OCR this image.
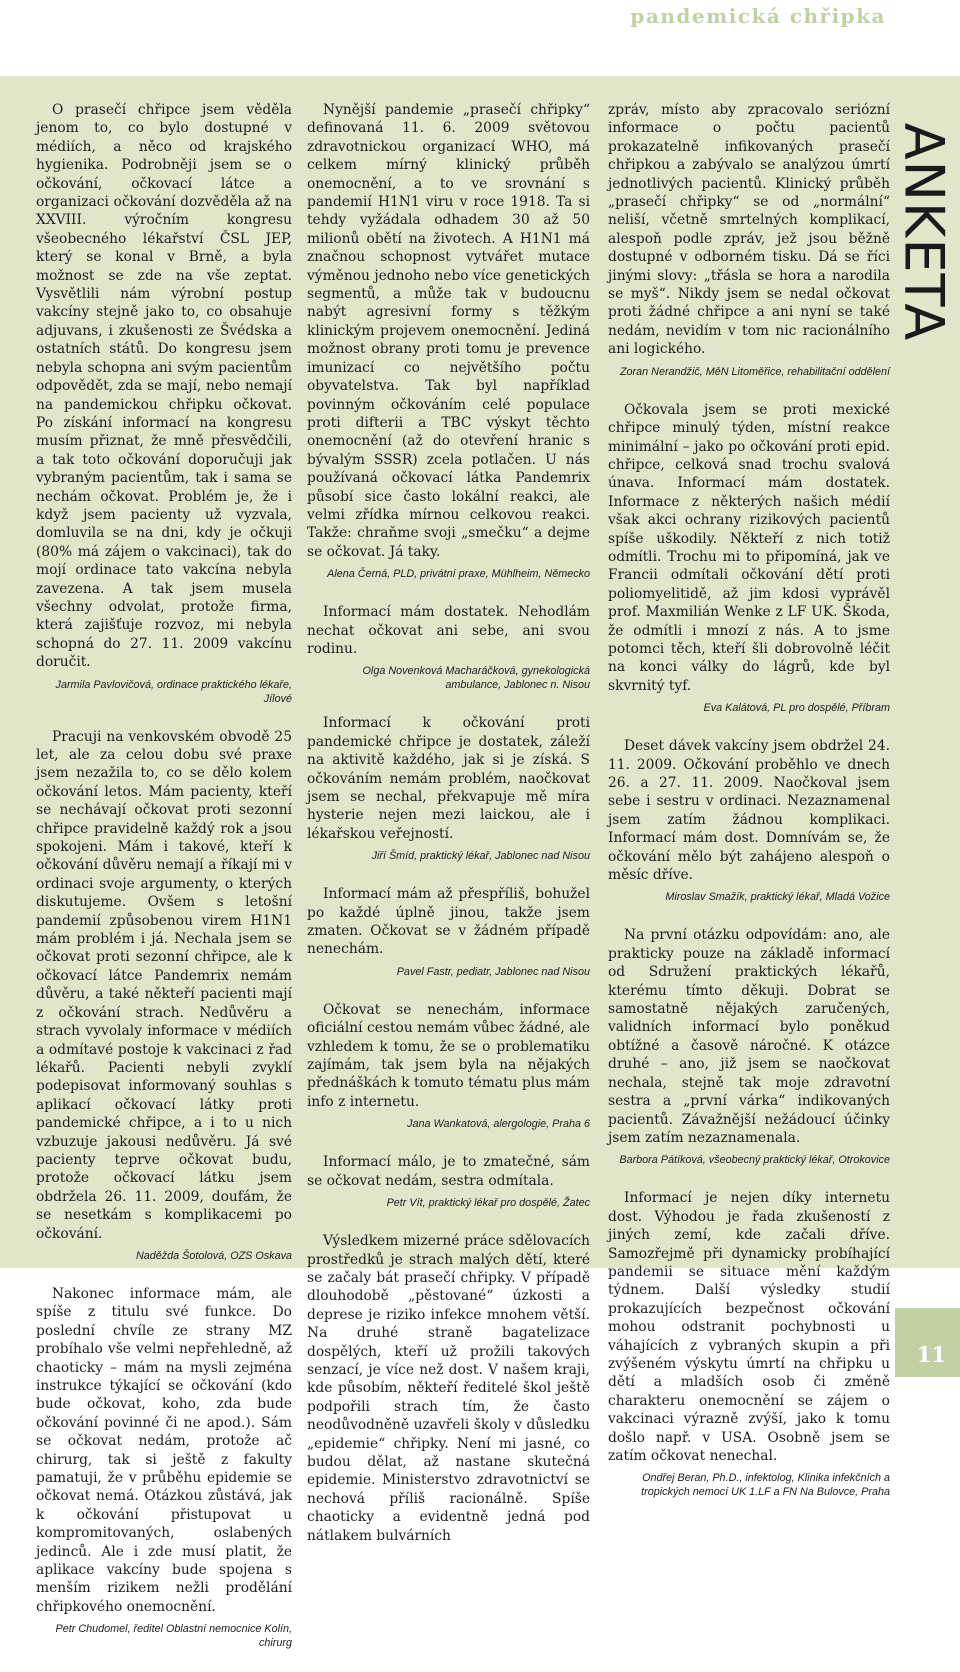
pandemická chřipka

O prasečí chřipce jsem věděla jenom to, co bylo dostupné v médiích, a něco od krajského hygienika. Podrobněji jsem se o očkování, očkovací látce a organizaci očkování dozvěděla až na XXVIII. výročním kongresu všeobecného lékařství ČSL JEP, který se konal v Brně, a byla možnost se zde na vše zeptat. Vysvětlili nám výrobní postup vakcíny stejně jako to, co obsahuje adjuvans, i zkušenosti ze Švédska a ostatních států. Do kongresu jsem nebyla schopna ani svým pacientům odpovědět, zda se mají, nebo nemají na pandemickou chřipku očkovat. Po získání informací na kongresu musím přiznat, že mně přesvědčili, a tak toto očkování doporučuji jak vybraným pacientům, tak i sama se nechám očkovat. Problém je, že i když jsem pacienty už vyzvala, domluvila se na dni, kdy je očkuji (80% má zájem o vakcinaci), tak do mojí ordinace tato vakcína nebyla zavezena. A tak jsem musela všechny odvolat, protože firma, která zajišťuje rozvoz, mi nebyla schopná do 27. 11. 2009 vakcínu doručit.

Jarmila Pavlovičová, ordinace praktického lékaře, Jílové

Pracuji na venkovském obvodě 25 let, ale za celou dobu své praxe jsem nezažila to, co se dělo kolem očkování letos. Mám pacienty, kteří se nechávají očkovat proti sezonní chřipce pravidelně každý rok a jsou spokojeni. Mám i takové, kteří k očkování důvěru nemají a říkají mi v ordinaci svoje argumenty, o kterých diskutujeme. Ovšem s letošní pandemií způsobenou virem H1N1 mám problém i já. Nechala jsem se očkovat proti sezonní chřipce, ale k očkovací látce Pandemrix nemám důvěru, a také někteří pacienti mají z očkování strach. Nedůvěru a strach vyvolaly informace v médiích a odmítavé postoje k vakcinaci z řad lékařů. Pacienti nebyli zvyklí podepisovat informovaný souhlas s aplikací očkovací látky proti pandemické chřipce, a i to u nich vzbuzuje jakousi nedůvěru. Já své pacienty teprve očkovat budu, protože očkovací látku jsem obdržela 26. 11. 2009, doufám, že se nesetkám s komplikacemi po očkování.

Naděžda Šotolová, OZS Oskava

Nakonec informace mám, ale spíše z titulu své funkce. Do poslední chvíle ze strany MZ probíhalo vše velmi nepřehledně, až chaoticky – mám na mysli zejména instrukce týkající se očkování (kdo bude očkovat, koho, zda bude očkování povinné či ne apod.). Sám se očkovat nedám, protože ač chirurg, tak si ještě z fakulty pamatuji, že v průběhu epidemie se očkovat nemá. Otázkou zůstává, jak k očkování přistupovat u kompromitovaných, oslabených jedinců. Ale i zde musí platit, že aplikace vakcíny bude spojena s menším rizikem nežli prodělání chřipkového onemocnění.

Petr Chudomel, ředitel Oblastní nemocnice Kolín, chirurg

Nynější pandemie „prasečí chřipky“ definovaná 11. 6. 2009 světovou zdravotnickou organizací WHO, má celkem mírný klinický průběh onemocnění, a to ve srovnání s pandemií H1N1 viru v roce 1918. Ta si tehdy vyžádala odhadem 30 až 50 milionů obětí na životech. A H1N1 má značnou schopnost vytvářet mutace výměnou jednoho nebo více genetických segmentů, a může tak v budoucnu nabýt agresivní formy s těžkým klinickým projevem onemocnění. Jediná možnost obrany proti tomu je prevence imunizací co největšího počtu obyvatelstva. Tak byl například povinným očkováním celé populace proti difterii a TBC výskyt těchto onemocnění (až do otevření hranic s bývalým SSSR) zcela potlačen. U nás používaná očkovací látka Pandemrix působí sice často lokální reakci, ale velmi zřídka mírnou celkovou reakci. Takže: chraňme svoji „smečku“ a dejme se očkovat. Já taky.

Alena Černá, PLD, privátní praxe, Mühlheim, Německo

Informací mám dostatek. Nehodlám nechat očkovat ani sebe, ani svou rodinu.

Olga Novenková Macharáčková, gynekologická ambulance, Jablonec n. Nisou

Informací k očkování proti pandemické chřipce je dostatek, záleží na aktivitě každého, jak si je získá. S očkováním nemám problém, naočkovat jsem se nechal, překvapuje mě míra hysterie nejen mezi laickou, ale i lékařskou veřejností.

Jiří Šmíd, praktický lékař, Jablonec nad Nisou

Informací mám až přespříliš, bohužel po každé úplně jinou, takže jsem zmaten. Očkovat se v žádném případě nenechám.

Pavel Fastr, pediatr, Jablonec nad Nisou

Očkovat se nenechám, informace oficiální cestou nemám vůbec žádné, ale vzhledem k tomu, že se o problematiku zajímám, tak jsem byla na nějakých přednáškách k tomuto tématu plus mám info z internetu.

Jana Wankatová, alergologie, Praha 6

Informací málo, je to zmatečné, sám se očkovat nedám, sestra odmítala.

Petr Vít, praktický lékař pro dospělé, Žatec

Výsledkem mizerné práce sdělovacích prostředků je strach malých dětí, které se začaly bát prasečí chřipky. V případě dlouhodobě „pěstované“ úzkosti a deprese je riziko infekce mnohem větší. Na druhé straně bagatelizace dospělých, kteří už prožili takových senzací, je více než dost. V našem kraji, kde působím, někteří ředitelé škol ještě podpořili strach tím, že často neodůvodněně uzavřeli školy v důsledku „epidemie“ chřipky. Není mi jasné, co budou dělat, až nastane skutečná epidemie. Ministerstvo zdravotnictví se nechová příliš racionálně. Spíše chaoticky a evidentně jedná pod nátlakem bulvárních

zpráv, místo aby zpracovalo seriózní informace o počtu pacientů prokazatelně infikovaných prasečí chřipkou a zabývalo se analýzou úmrtí jednotlivých pacientů. Klinický průběh „prasečí chřipky“ se od „normální“ neliší, včetně smrtelných komplikací, alespoň podle zpráv, jež jsou běžně dostupné v odborném tisku. Dá se říci jinými slovy: „třásla se hora a narodila se myš“. Nikdy jsem se nedal očkovat proti žádné chřipce a ani nyní se také nedám, nevidím v tom nic racionálního ani logického.

Zoran Nerandžič, MěN Litoměřice, rehabilitační oddělení

Očkovala jsem se proti mexické chřipce minulý týden, místní reakce minimální – jako po očkování proti epid. chřipce, celková snad trochu svalová únava. Informací mám dostatek. Informace z některých našich médií však akci ochrany rizikových pacientů spíše uškodily. Někteří z nich totiž odmítli. Trochu mi to připomíná, jak ve Francii odmítali očkování dětí proti poliomyelitidě, až jim kdosi vyprávěl prof. Maxmilián Wenke z LF UK. Škoda, že odmítli i mnozí z nás. A to jsme potomci těch, kteří šli dobrovolně léčit na konci války do lágrů, kde byl skvrnitý tyf.

Eva Kalátová, PL pro dospělé, Příbram

Deset dávek vakcíny jsem obdržel 24. 11. 2009. Očkování proběhlo ve dnech 26. a 27. 11. 2009. Naočkoval jsem sebe i sestru v ordinaci. Nezaznamenal jsem zatím žádnou komplikaci. Informací mám dost. Domnívám se, že očkování mělo být zahájeno alespoň o měsíc dříve.

Miroslav Smažík, praktický lékař, Mladá Vožice

Na první otázku odpovídám: ano, ale prakticky pouze na základě informací od Sdružení praktických lékařů, kterému tímto děkuji. Dobrat se samostatně nějakých zaručených, validních informací bylo poněkud obtížné a časově náročné. K otázce druhé – ano, již jsem se naočkovat nechala, stejně tak moje zdravotní sestra a „první várka“ indikovaných pacientů. Závažnější nežádoucí účinky jsem zatím nezaznamenala.

Barbora Pátíková, všeobecný praktický lékař, Otrokovice

Informací je nejen díky internetu dost. Výhodou je řada zkušeností z jiných zemí, kde začali dříve. Samozřejmě při dynamicky probíhající pandemii se situace mění každým týdnem. Další výsledky studií prokazujících bezpečnost očkování mohou odstranit pochybnosti u váhajících z vybraných skupin a při zvýšeném výskytu úmrtí na chřipku u dětí a mladších osob či změně charakteru onemocnění se zájem o vakcinaci výrazně zvýší, jako k tomu došlo např. v USA. Osobně jsem se zatím očkovat nenechal.

Ondřej Beran, Ph.D., infektolog, Klinika infekčních a tropických nemocí UK 1.LF a FN Na Bulovce, Praha

ANKETA
11
